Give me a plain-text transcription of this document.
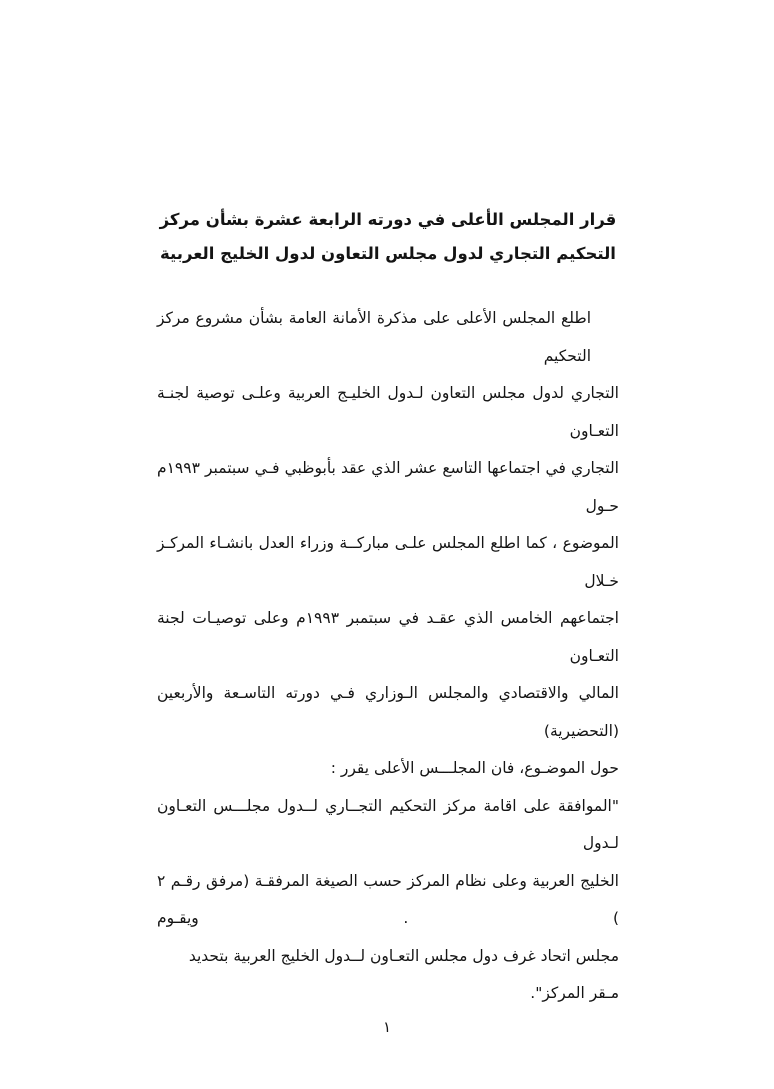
قرار المجلس الأعلى في دورته الرابعة عشرة بشأن مركز
التحكيم التجاري لدول مجلس التعاون لدول الخليج العربية
اطلع المجلس الأعلى على مذكرة الأمانة العامة بشأن مشروع مركز التحكيم
التجاري لدول مجلس التعاون لـدول الخليـج العربية وعلـى توصية لجنـة التعـاون
التجاري في اجتماعها التاسع عشر الذي عقد بأبوظبي فـي سبتمبر ١٩٩٣م حـول
الموضوع ، كما اطلع المجلس علـى مباركــة وزراء العدل بانشـاء المركـز خـلال
اجتماعهم الخامس الذي عقـد في سبتمبر ١٩٩٣م وعلى توصيـات لجنة التعـاون
المالي والاقتصادي والمجلس الـوزاري فـي دورته التاسـعة والأربعين (التحضيرية)
حول الموضـوع، فان المجلـــس الأعلى يقرر :
"الموافقة على اقامة مركز التحكيم التجــاري لــدول مجلـــس التعـاون لـدول
الخليج العربية وعلى نظام المركز حسب الصيغة المرفقـة (مرفق رقـم ٢ ) . ويقـوم
مجلس اتحاد غرف دول مجلس التعـاون لــدول الخليج العربية بتحديد مـقر المركز".
١
